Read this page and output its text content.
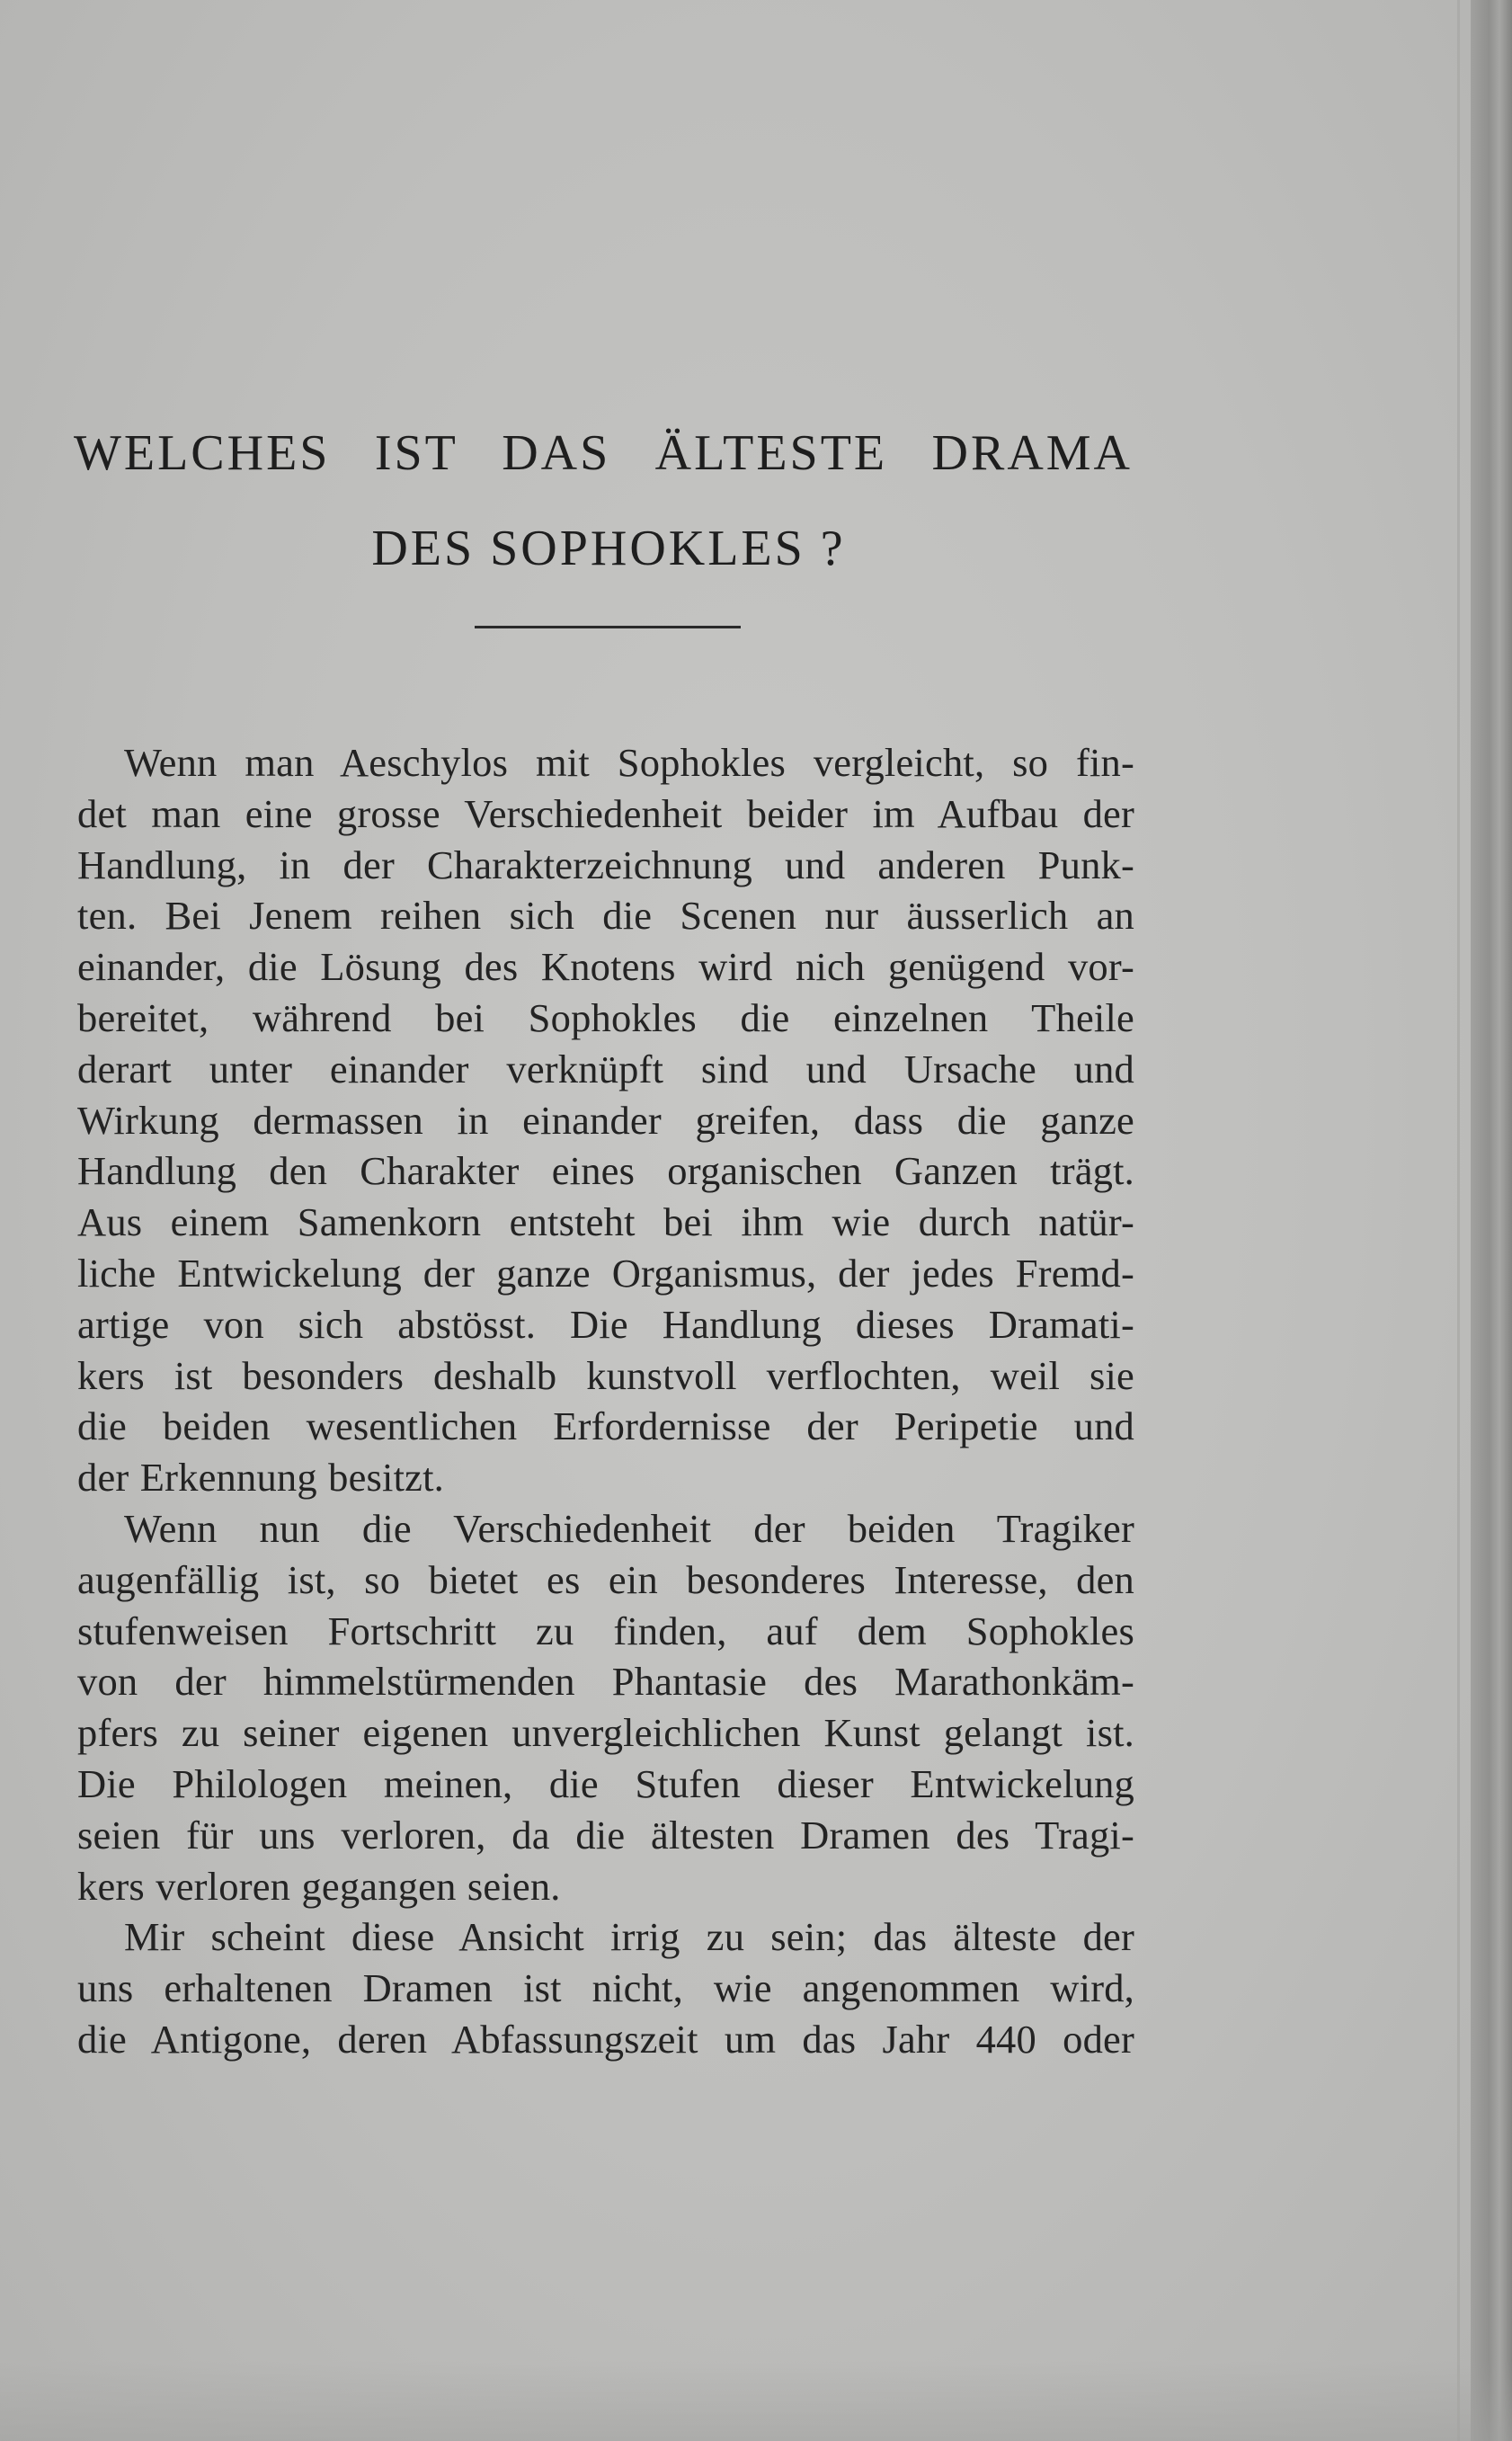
WELCHES IST DAS ÄLTESTE DRAMA
DES SOPHOKLES ?
Wenn man Aeschylos mit Sophokles vergleicht, so fin-
det man eine grosse Verschiedenheit beider im Aufbau der
Handlung, in der Charakterzeichnung und anderen Punk-
ten. Bei Jenem reihen sich die Scenen nur äusserlich an
einander, die Lösung des Knotens wird nich genügend vor-
bereitet, während bei Sophokles die einzelnen Theile
derart unter einander verknüpft sind und Ursache und
Wirkung dermassen in einander greifen, dass die ganze
Handlung den Charakter eines organischen Ganzen trägt.
Aus einem Samenkorn entsteht bei ihm wie durch natür-
liche Entwickelung der ganze Organismus, der jedes Fremd-
artige von sich abstösst. Die Handlung dieses Dramati-
kers ist besonders deshalb kunstvoll verflochten, weil sie
die beiden wesentlichen Erfordernisse der Peripetie und
der Erkennung besitzt.
Wenn nun die Verschiedenheit der beiden Tragiker
augenfällig ist, so bietet es ein besonderes Interesse, den
stufenweisen Fortschritt zu finden, auf dem Sophokles
von der himmelstürmenden Phantasie des Marathonkäm-
pfers zu seiner eigenen unvergleichlichen Kunst gelangt ist.
Die Philologen meinen, die Stufen dieser Entwickelung
seien für uns verloren, da die ältesten Dramen des Tragi-
kers verloren gegangen seien.
Mir scheint diese Ansicht irrig zu sein; das älteste der
uns erhaltenen Dramen ist nicht, wie angenommen wird,
die Antigone, deren Abfassungszeit um das Jahr 440 oder
